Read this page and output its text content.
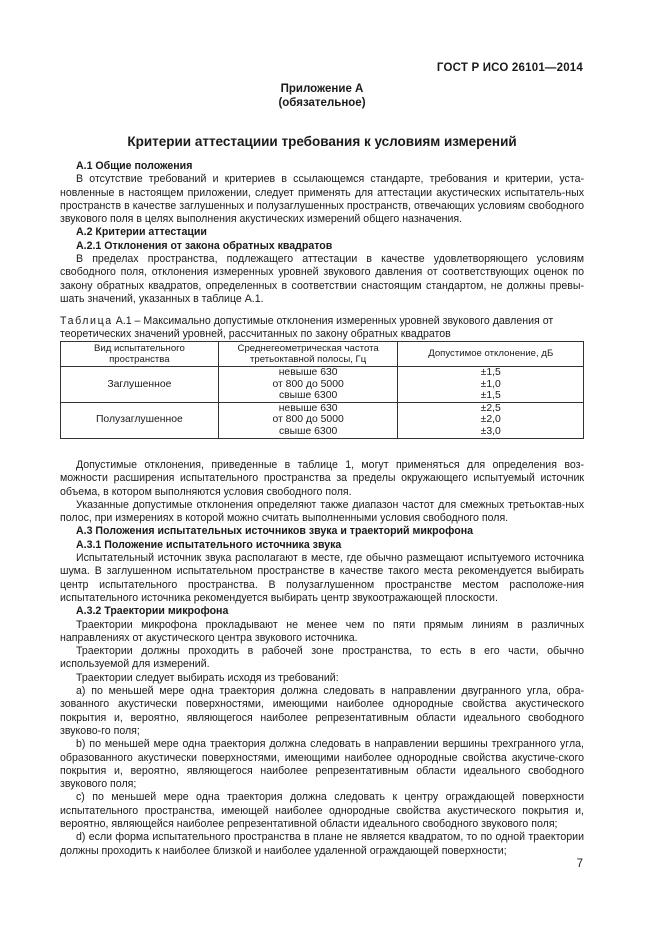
ГОСТ Р ИСО 26101—2014
Приложение А
(обязательное)
Критерии аттестациии требования к условиям измерений
А.1 Общие положения

В отсутствие требований и критериев в ссылающемся стандарте, требования и критерии, уста-новленные в настоящем приложении, следует применять для аттестации акустических испытатель-ных пространств в качестве заглушенных и полузаглушенных пространств, отвечающих условиям свободного звукового поля в целях выполнения акустических измерений общего назначения.

А.2 Критерии аттестации
А.2.1 Отклонения от закона обратных квадратов

В пределах пространства, подлежащего аттестации в качестве удовлетворяющего условиям свободного поля, отклонения измеренных уровней звукового давления от соответствующих оценок по закону обратных квадратов, определенных в соответствии снастоящим стандартом, не должны превы-шать значений, указанных в таблице А.1.

Таблица А.1 – Максимально допустимые отклонения измеренных уровней звукового давления от теоретических значений уровней, рассчитанных по закону обратных квадратов
Вид испытательного пространства	Среднегеометрическая частота третьоктавной полосы, Гц	Допустимое отклонение, дБ
Заглушенное	невыше 630	±1,5
	от 800 до 5000	±1,0
	свыше 6300	±1,5
Полузаглушенное	невыше 630	±2,5
	от 800 до 5000	±2,0
	свыше 6300	±3,0

Допустимые отклонения, приведенные в таблице 1, могут применяться для определения воз-можности расширения испытательного пространства за пределы окружающего испытуемый источник объема, в котором выполняются условия свободного поля.

Указанные допустимые отклонения определяют также диапазон частот для смежных третьоктав-ных полос, при измерениях в которой можно считать выполненными условия свободного поля.

А.3 Положения испытательных источников звука и траекторий микрофона
А.3.1 Положение испытательного источника звука

Испытательный источник звука располагают в месте, где обычно размещают испытуемого источника шума. В заглушенном испытательном пространстве в качестве такого места рекомендуется выбирать центр испытательного пространства. В полузаглушенном пространстве местом расположе-ния испытательного источника рекомендуется выбирать центр звукоотражающей плоскости.

А.3.2 Траектории микрофона

Траектории микрофона прокладывают не менее чем по пяти прямым линиям в различных направлениях от акустического центра звукового источника.

Траектории должны проходить в рабочей зоне пространства, то есть в его части, обычно используемой для измерений.

Траектории следует выбирать исходя из требований:

а) по меньшей мере одна траектория должна следовать в направлении двугранного угла, обра-зованного акустически поверхностями, имеющими наиболее однородные свойства акустического покрытия и, вероятно, являющегося наиболее репрезентативным области идеального свободного звуково-го поля;

b) по меньшей мере одна траектория должна следовать в направлении вершины трехгранного угла, образованного акустически поверхностями, имеющими наиболее однородные свойства акустиче-ского покрытия и, вероятно, являющегося наиболее репрезентативным области идеального свободного звукового поля;

c) по меньшей мере одна траектория должна следовать к центру ограждающей поверхности испытательного пространства, имеющей наиболее однородные свойства акустического покрытия и, вероятно, являющейся наиболее репрезентативной области идеального свободного звукового поля;

d) если форма испытательного пространства в плане не является квадратом, то по одной траектории должны проходить к наиболее близкой и наиболее удаленной ограждающей поверхности;

7
